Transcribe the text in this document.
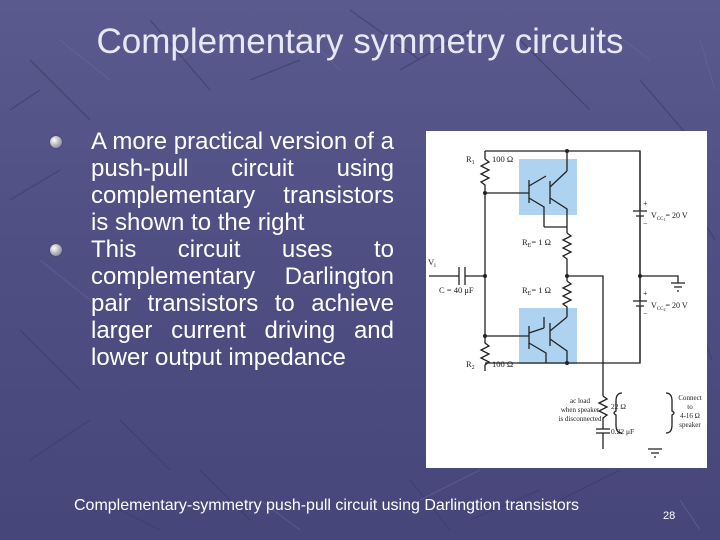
Complementary symmetry circuits
A more practical version of a push-pull circuit using complementary transistors is shown to the right
This circuit uses to complementary Darlington pair transistors to achieve larger current driving and lower output impedance
$R_1$ 100 Ω
$R_E= 1$ Ω
$R_E= 1$ Ω
$R_2$ 100 Ω
$V_i$
C = 40 μF
+
−
$V_{CC}1= 20$ V
+
−
$V_{CC}2= 20$ V
ac load
when speaker
is disconnected
22 Ω
0.22 μF
Connect
to
4-16 Ω
speaker
Complementary-symmetry push-pull circuit using Darlingtion transistors
28
